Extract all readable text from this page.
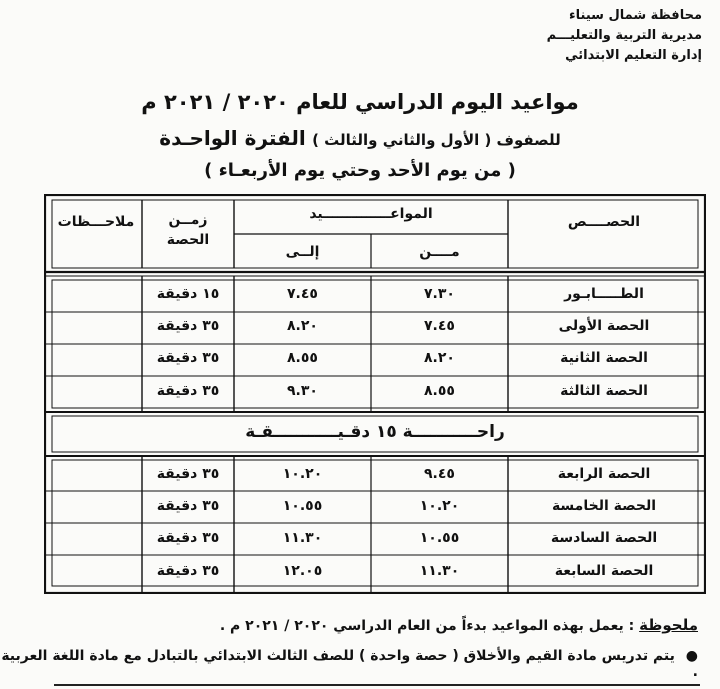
محافظة شمال سيناء
مديرية التربية والتعليـــم
إدارة التعليم الابتدائي
مواعيد اليوم الدراسي للعام ٢٠٢٠ / ٢٠٢١ م
للصفوف ( الأول والثاني والثالث ) الفترة الواحـدة
( من يوم الأحد وحتي يوم الأربعـاء )
الحصــــص
المواعــــــــــــــيد
مــــن
إلــى
زمــن الحصة
ملاحـــظات
الطـــــابـور
٧.٣٠
٧.٤٥
١٥ دقيقة
الحصة الأولى
٧.٤٥
٨.٢٠
٣٥ دقيقة
الحصة الثانية
٨.٢٠
٨.٥٥
٣٥ دقيقة
الحصة الثالثة
٨.٥٥
٩.٣٠
٣٥ دقيقة
راحـــــــــــة ١٥ دقـيـــــــــــقـة
الحصة الرابعة
٩.٤٥
١٠.٢٠
٣٥ دقيقة
الحصة الخامسة
١٠.٢٠
١٠.٥٥
٣٥ دقيقة
الحصة السادسة
١٠.٥٥
١١.٣٠
٣٥ دقيقة
الحصة السابعة
١١.٣٠
١٢.٠٥
٣٥ دقيقة
ملحوظة : يعمل بهذه المواعيد بدءاً من العام الدراسي ٢٠٢٠ / ٢٠٢١ م .
● يتم تدريس مادة القيم والأخلاق ( حصة واحدة ) للصف الثالث الابتدائي بالتبادل مع مادة اللغة العربية .
